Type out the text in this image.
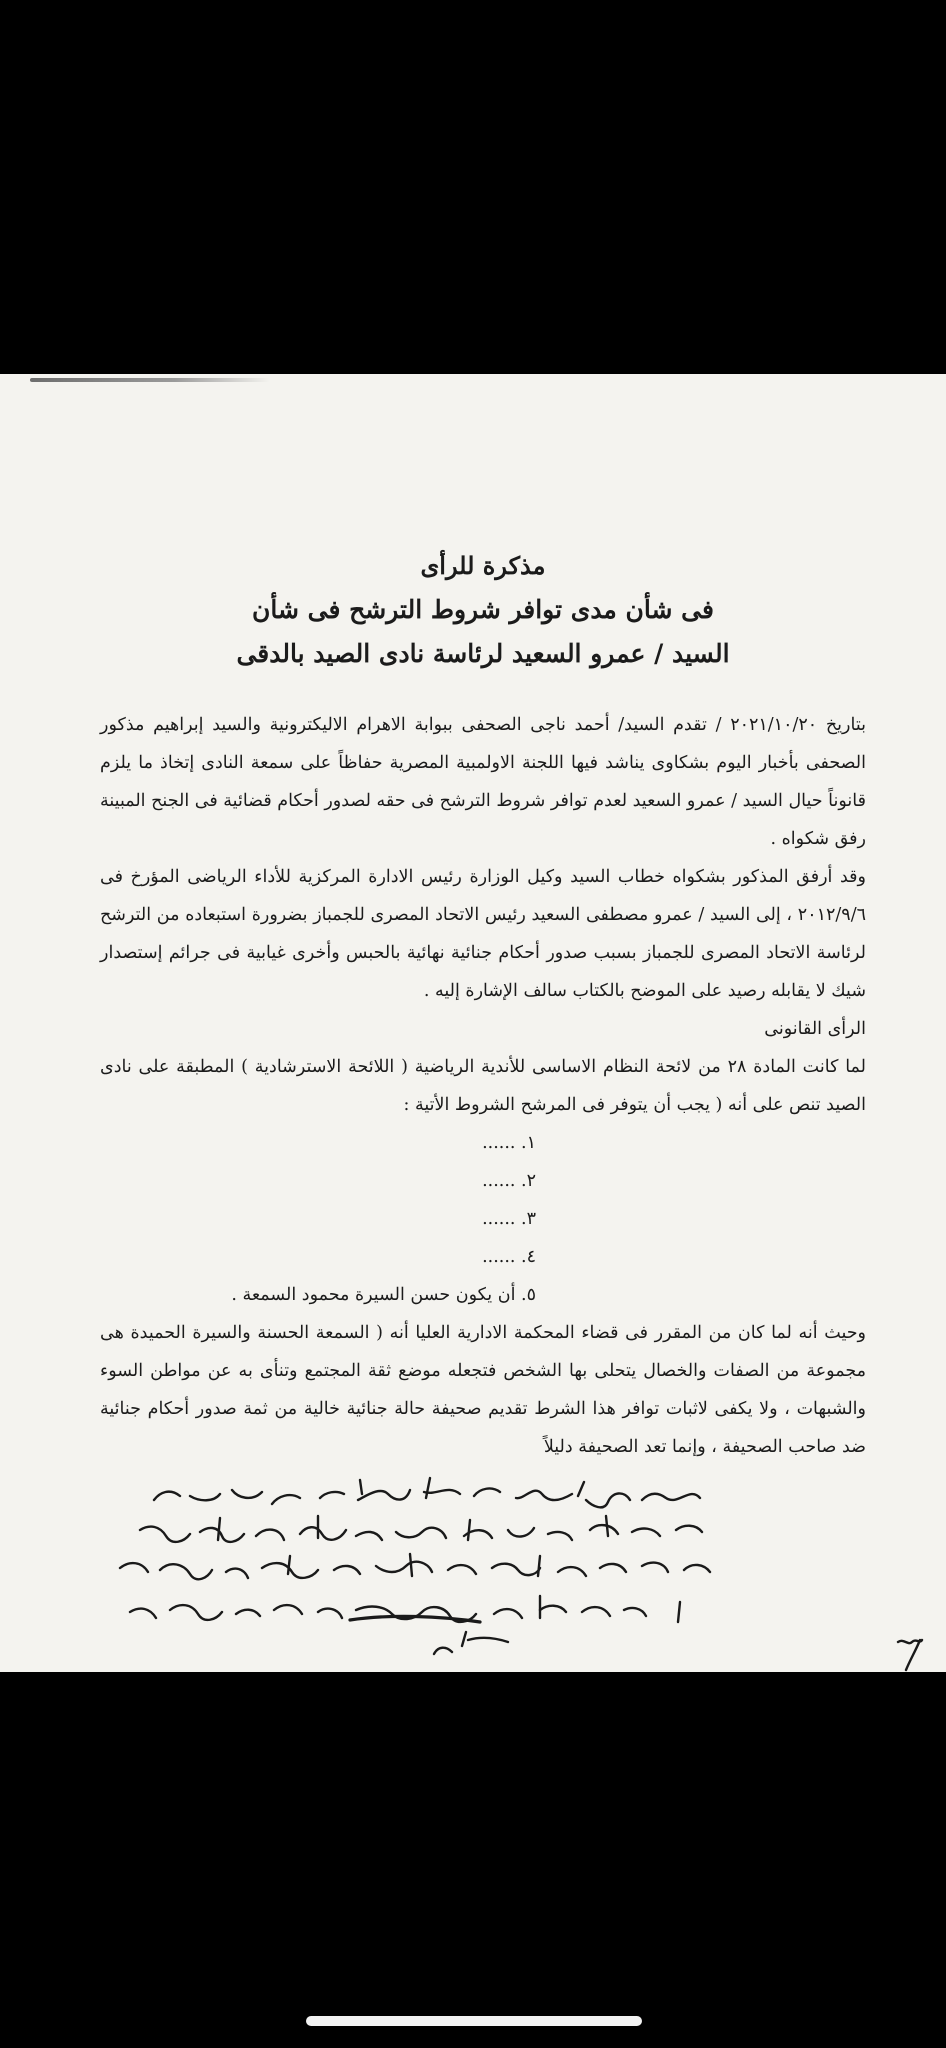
مذكرة للرأى

فى شأن مدى توافر شروط الترشح فى شأن

السيد / عمرو السعيد لرئاسة نادى الصيد بالدقى

بتاريخ ٢٠٢١/١٠/٢٠ / تقدم السيد/ أحمد ناجى الصحفى ببوابة الاهرام الاليكترونية والسيد إبراهيم مذكور الصحفى بأخبار اليوم بشكاوى يناشد فيها اللجنة الاولمبية المصرية حفاظاً على سمعة النادى إتخاذ ما يلزم قانوناً حيال السيد / عمرو السعيد لعدم توافر شروط الترشح فى حقه لصدور أحكام قضائية فى الجنح المبينة رفق شكواه .

وقد أرفق المذكور بشكواه خطاب السيد وكيل الوزارة رئيس الادارة المركزية للأداء الرياضى المؤرخ فى ٢٠١٢/٩/٦ ، إلى السيد / عمرو مصطفى السعيد رئيس الاتحاد المصرى للجمباز بضرورة استبعاده من الترشح لرئاسة الاتحاد المصرى للجمباز بسبب صدور أحكام جنائية نهائية بالحبس وأخرى غيابية فى جرائم إستصدار شيك لا يقابله رصيد على الموضح بالكتاب سالف الإشارة إليه .

الرأى القانونى

لما كانت المادة ٢٨ من لائحة النظام الاساسى للأندية الرياضية ( اللائحة الاسترشادية ) المطبقة على نادى الصيد تنص على أنه ( يجب أن يتوفر فى المرشح الشروط الأتية :

١. ......
٢. ......
٣. ......
٤. ......
٥. أن يكون حسن السيرة محمود السمعة .

وحيث أنه لما كان من المقرر فى قضاء المحكمة الادارية العليا أنه ( السمعة الحسنة والسيرة الحميدة هى مجموعة من الصفات والخصال يتحلى بها الشخص فتجعله موضع ثقة المجتمع وتنأى به عن مواطن السوء والشبهات ، ولا يكفى لاثبات توافر هذا الشرط تقديم صحيفة حالة جنائية خالية من ثمة صدور أحكام جنائية ضد صاحب الصحيفة ، وإنما تعد الصحيفة دليلاً
